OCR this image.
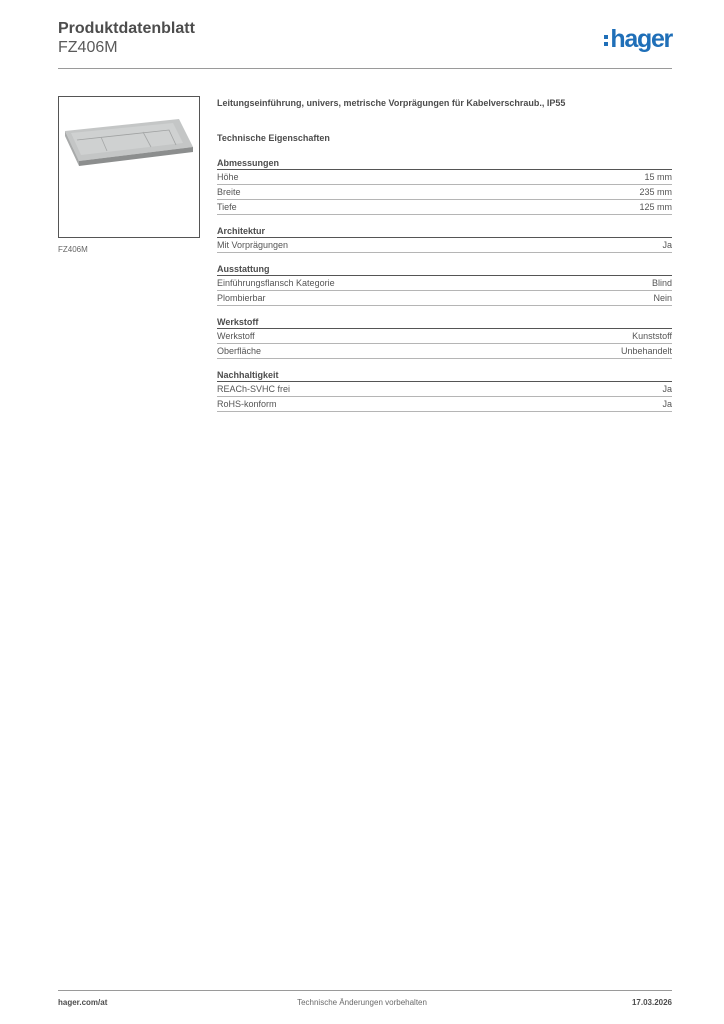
Produktdatenblatt
FZ406M	hager
FZ406M

Leitungseinführung, univers, metrische Vorprägungen für Kabelverschraub., IP55

Technische Eigenschaften

Abmessungen
Höhe	15 mm
Breite	235 mm
Tiefe	125 mm
Architektur
Mit Vorprägungen	Ja
Ausstattung
Einführungsflansch Kategorie	Blind
Plombierbar	Nein
Werkstoff
Werkstoff	Kunststoff
Oberfläche	Unbehandelt
Nachhaltigkeit
REACh-SVHC frei	Ja
RoHS-konform	Ja
hager.com/at	Technische Änderungen vorbehalten	17.03.2026
